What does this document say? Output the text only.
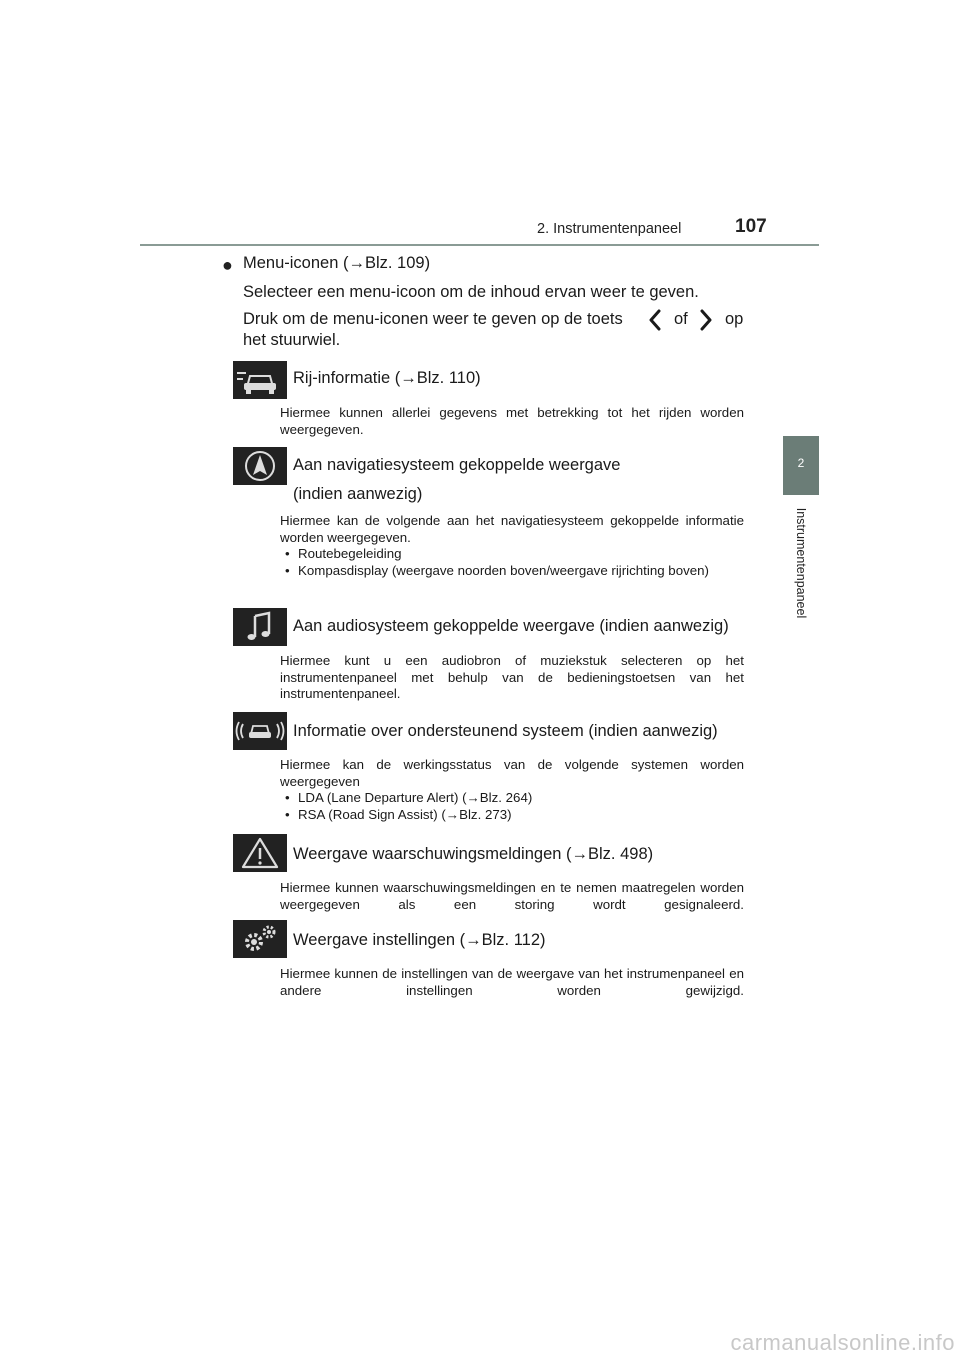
2. Instrumentenpaneel	107
2
Instrumentenpaneel
● Menu-iconen (→Blz. 109)
Selecteer een menu-icoon om de inhoud ervan weer te geven.
Druk om de menu-iconen weer te geven op de toets	of op
het stuurwiel.
Rij-informatie (→Blz. 110)
Hiermee kunnen allerlei gegevens met betrekking tot het rijden worden weergegeven.
Aan navigatiesysteem gekoppelde weergave
(indien aanwezig)
Hiermee kan de volgende aan het navigatiesysteem gekoppelde informatie worden weergegeven.
• Routebegeleiding
• Kompasdisplay (weergave noorden boven/weergave rijrichting boven)
Aan audiosysteem gekoppelde weergave (indien aanwezig)
Hiermee kunt u een audiobron of muziekstuk selecteren op het instrumentenpaneel met behulp van de bedieningstoetsen van het instrumentenpaneel.
Informatie over ondersteunend systeem (indien aanwezig)
Hiermee kan de werkingsstatus van de volgende systemen worden weergegeven
• LDA (Lane Departure Alert) (→Blz. 264)
• RSA (Road Sign Assist) (→Blz. 273)
Weergave waarschuwingsmeldingen (→Blz. 498)
Hiermee kunnen waarschuwingsmeldingen en te nemen maatregelen worden weergegeven als een storing wordt gesignaleerd.
Weergave instellingen (→Blz. 112)
Hiermee kunnen de instellingen van de weergave van het instrumenpaneel en andere instellingen worden gewijzigd.
carmanualsonline.info
